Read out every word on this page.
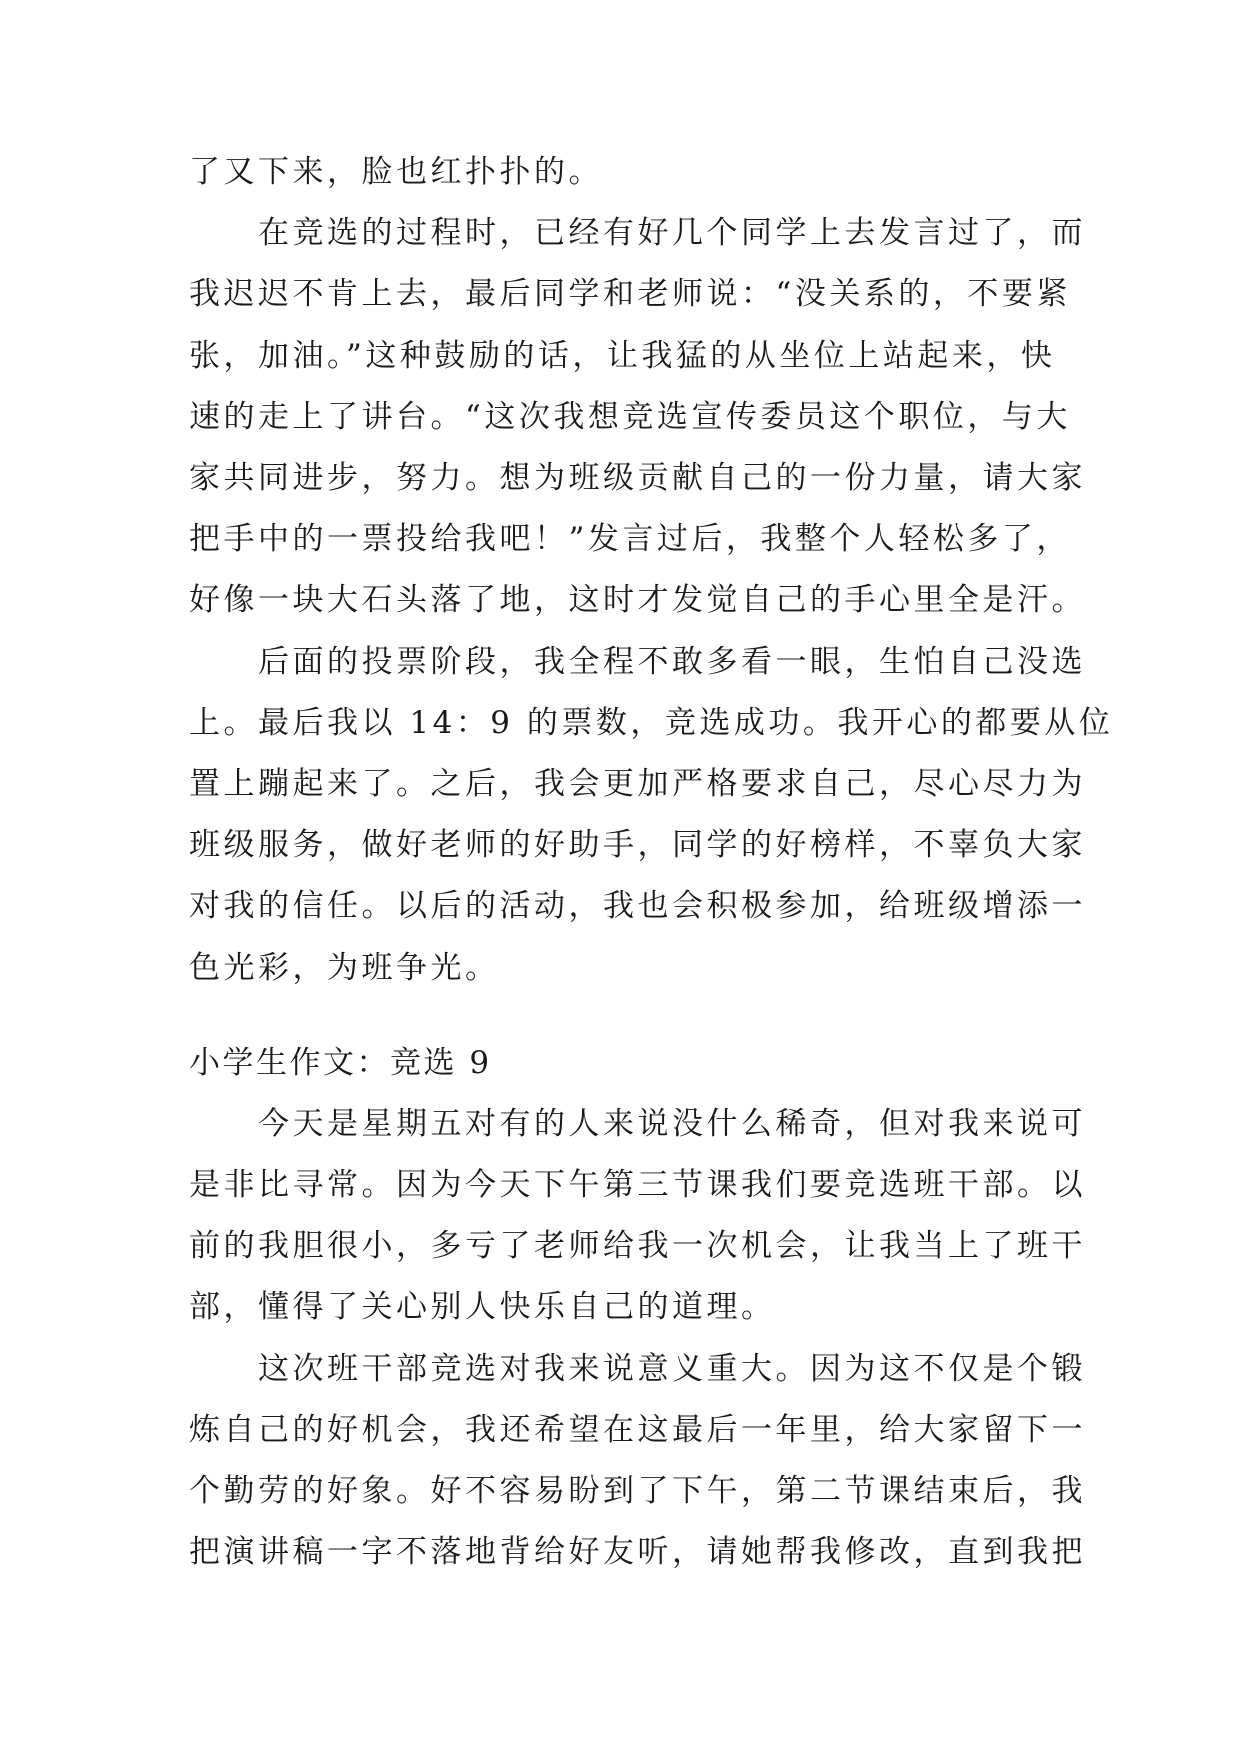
了又下来，脸也红扑扑的。

　　在竞选的过程时，已经有好几个同学上去发言过了，而

我迟迟不肯上去，最后同学和老师说：“没关系的，不要紧

张，加油。”这种鼓励的话，让我猛的从坐位上站起来，快

速的走上了讲台。“这次我想竞选宣传委员这个职位，与大

家共同进步，努力。想为班级贡献自己的一份力量，请大家

把手中的一票投给我吧！”发言过后，我整个人轻松多了，

好像一块大石头落了地，这时才发觉自己的手心里全是汗。

　　后面的投票阶段，我全程不敢多看一眼，生怕自己没选

上。最后我以 14：9 的票数，竞选成功。我开心的都要从位

置上蹦起来了。之后，我会更加严格要求自己，尽心尽力为

班级服务，做好老师的好助手，同学的好榜样，不辜负大家

对我的信任。以后的活动，我也会积极参加，给班级增添一

色光彩，为班争光。

小学生作文：竞选 9

　　今天是星期五对有的人来说没什么稀奇，但对我来说可

是非比寻常。因为今天下午第三节课我们要竞选班干部。以

前的我胆很小，多亏了老师给我一次机会，让我当上了班干

部，懂得了关心别人快乐自己的道理。

　　这次班干部竞选对我来说意义重大。因为这不仅是个锻

炼自己的好机会，我还希望在这最后一年里，给大家留下一

个勤劳的好象。好不容易盼到了下午，第二节课结束后，我

把演讲稿一字不落地背给好友听，请她帮我修改，直到我把
